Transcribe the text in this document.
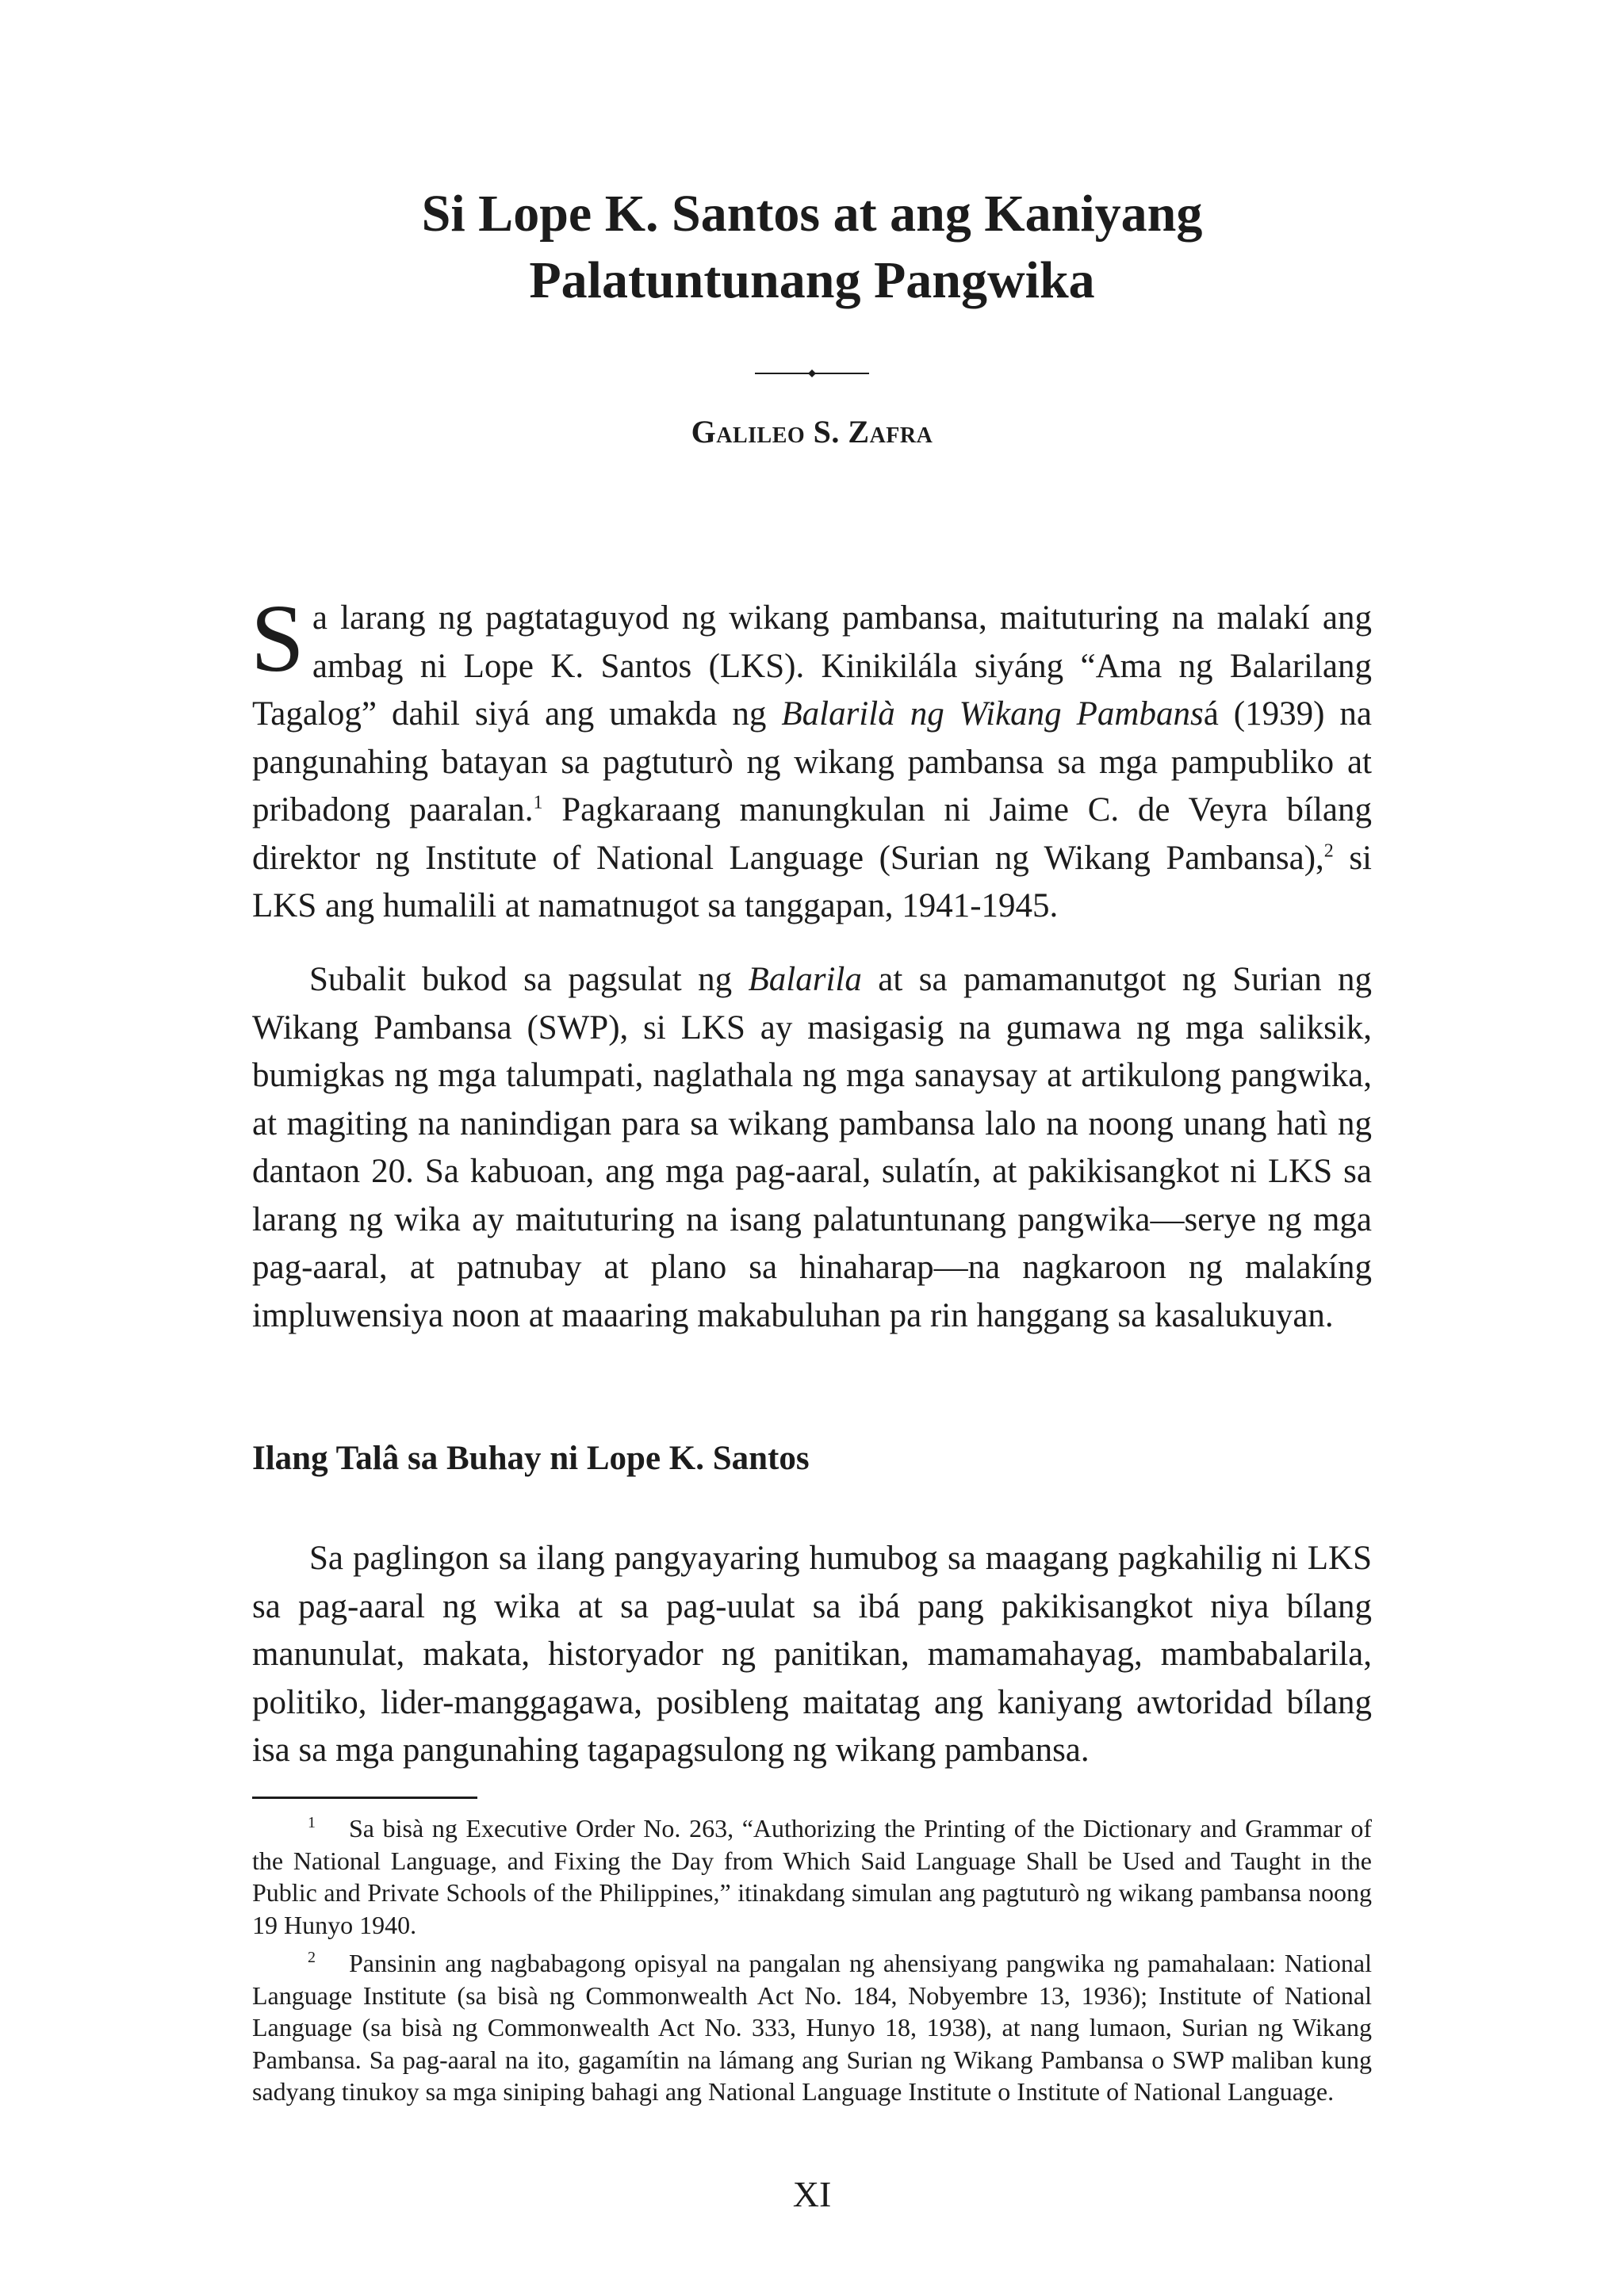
Si Lope K. Santos at ang Kaniyang
Palatuntunang Pangwika
Galileo S. Zafra

Sa larang ng pagtataguyod ng wikang pambansa, maituturing na malakí ang ambag ni Lope K. Santos (LKS). Kinikilála siyáng “Ama ng Balarilang Tagalog” dahil siyá ang umakda ng Balarilà ng Wikang Pambansá (1939) na pangunahing batayan sa pagtuturò ng wikang pambansa sa mga pampubliko at pribadong paaralan.$^1$ Pagkaraang manungkulan ni Jaime C. de Veyra bílang direktor ng Institute of National Language (Surian ng Wikang Pambansa),$^2$ si LKS ang humalili at namatnugot sa tanggapan, 1941-1945.

Subalit bukod sa pagsulat ng Balarila at sa pamamanutgot ng Surian ng Wikang Pambansa (SWP), si LKS ay masigasig na gumawa ng mga saliksik, bumigkas ng mga talumpati, naglathala ng mga sanaysay at artikulong pangwika, at magiting na nanindigan para sa wikang pambansa lalo na noong unang hatì ng dantaon 20. Sa kabuoan, ang mga pag-aaral, sulatín, at pakikisangkot ni LKS sa larang ng wika ay maituturing na isang palatuntunang pangwika—serye ng mga pag-aaral, at patnubay at plano sa hinaharap—na nagkaroon ng malakíng impluwensiya noon at maaaring makabuluhan pa rin hanggang sa kasalukuyan.

Ilang Talâ sa Buhay ni Lope K. Santos

Sa paglingon sa ilang pangyayaring humubog sa maagang pagkahilig ni LKS sa pag-aaral ng wika at sa pag-uulat sa ibá pang pakikisangkot niya bílang manunulat, makata, historyador ng panitikan, mamamahayag, mambabalarila, politiko, lider-manggagawa, posibleng maitatag ang kaniyang awtoridad bílang isa sa mga pangunahing tagapagsulong ng wikang pambansa.

$^1$ Sa bisà ng Executive Order No. 263, “Authorizing the Printing of the Dictionary and Grammar of the National Language, and Fixing the Day from Which Said Language Shall be Used and Taught in the Public and Private Schools of the Philippines,” itinakdang simulan ang pagtuturò ng wikang pambansa noong 19 Hunyo 1940.

$^2$ Pansinin ang nagbabagong opisyal na pangalan ng ahensiyang pangwika ng pamahalaan: National Language Institute (sa bisà ng Commonwealth Act No. 184, Nobyembre 13, 1936); Institute of National Language (sa bisà ng Commonwealth Act No. 333, Hunyo 18, 1938), at nang lumaon, Surian ng Wikang Pambansa. Sa pag-aaral na ito, gagamítin na lámang ang Surian ng Wikang Pambansa o SWP maliban kung sadyang tinukoy sa mga siniping bahagi ang National Language Institute o Institute of National Language.

XI
